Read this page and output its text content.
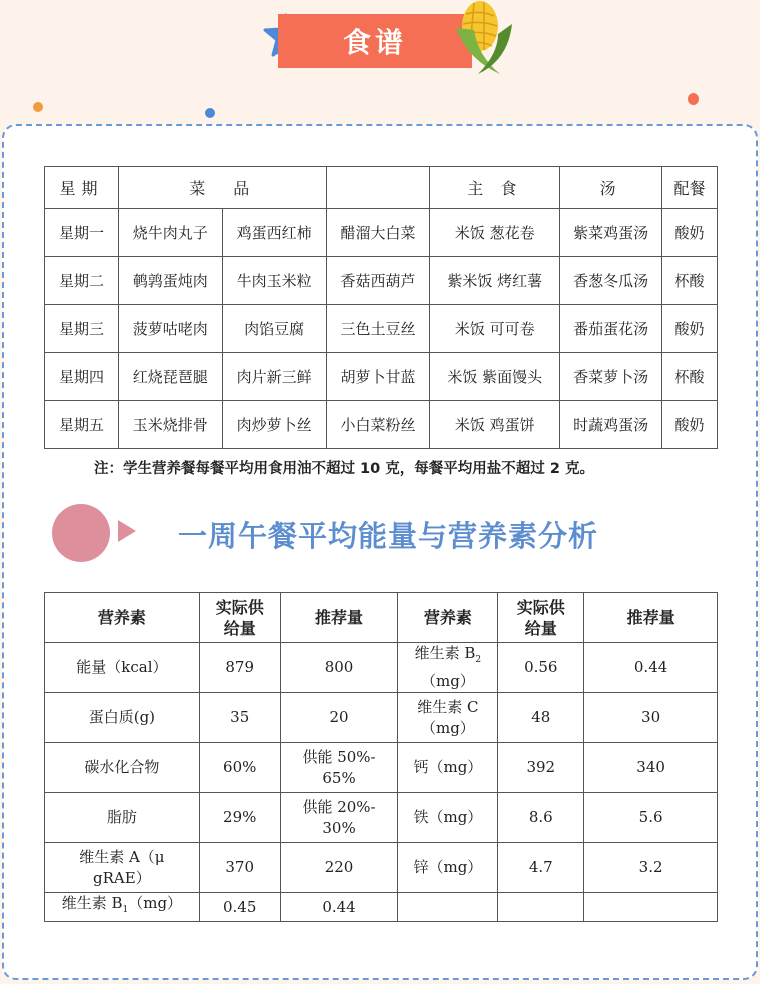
食谱
星期	菜　品			主 食	汤	配餐
星期一	烧牛肉丸子	鸡蛋西红柿	醋溜大白菜	米饭 葱花卷	紫菜鸡蛋汤	酸奶
星期二	鹌鹑蛋炖肉	牛肉玉米粒	香菇西葫芦	紫米饭 烤红薯	香葱冬瓜汤	杯酸
星期三	菠萝咕咾肉	肉馅豆腐	三色土豆丝	米饭 可可卷	番茄蛋花汤	酸奶
星期四	红烧琵琶腿	肉片新三鲜	胡萝卜甘蓝	米饭 紫面馒头	香菜萝卜汤	杯酸
星期五	玉米烧排骨	肉炒萝卜丝	小白菜粉丝	米饭 鸡蛋饼	时蔬鸡蛋汤	酸奶
注：学生营养餐每餐平均用食用油不超过 10 克，每餐平均用盐不超过 2 克。
一周午餐平均能量与营养素分析
营养素	实际供
给量	推荐量	营养素	实际供
给量	推荐量
能量（kcal）	879	800	维生素 $B_2$
（mg）	0.56	0.44
蛋白质(g)	35	20	维生素 C
（mg）	48	30
碳水化合物	60%	供能 50%-
65%	钙（mg）	392	340
脂肪	29%	供能 20%-
30%	铁（mg）	8.6	5.6
维生素 A（μ
gRAE）	370	220	锌（mg）	4.7	3.2
维生素 $B_1(mg)$	0.45	0.44			
